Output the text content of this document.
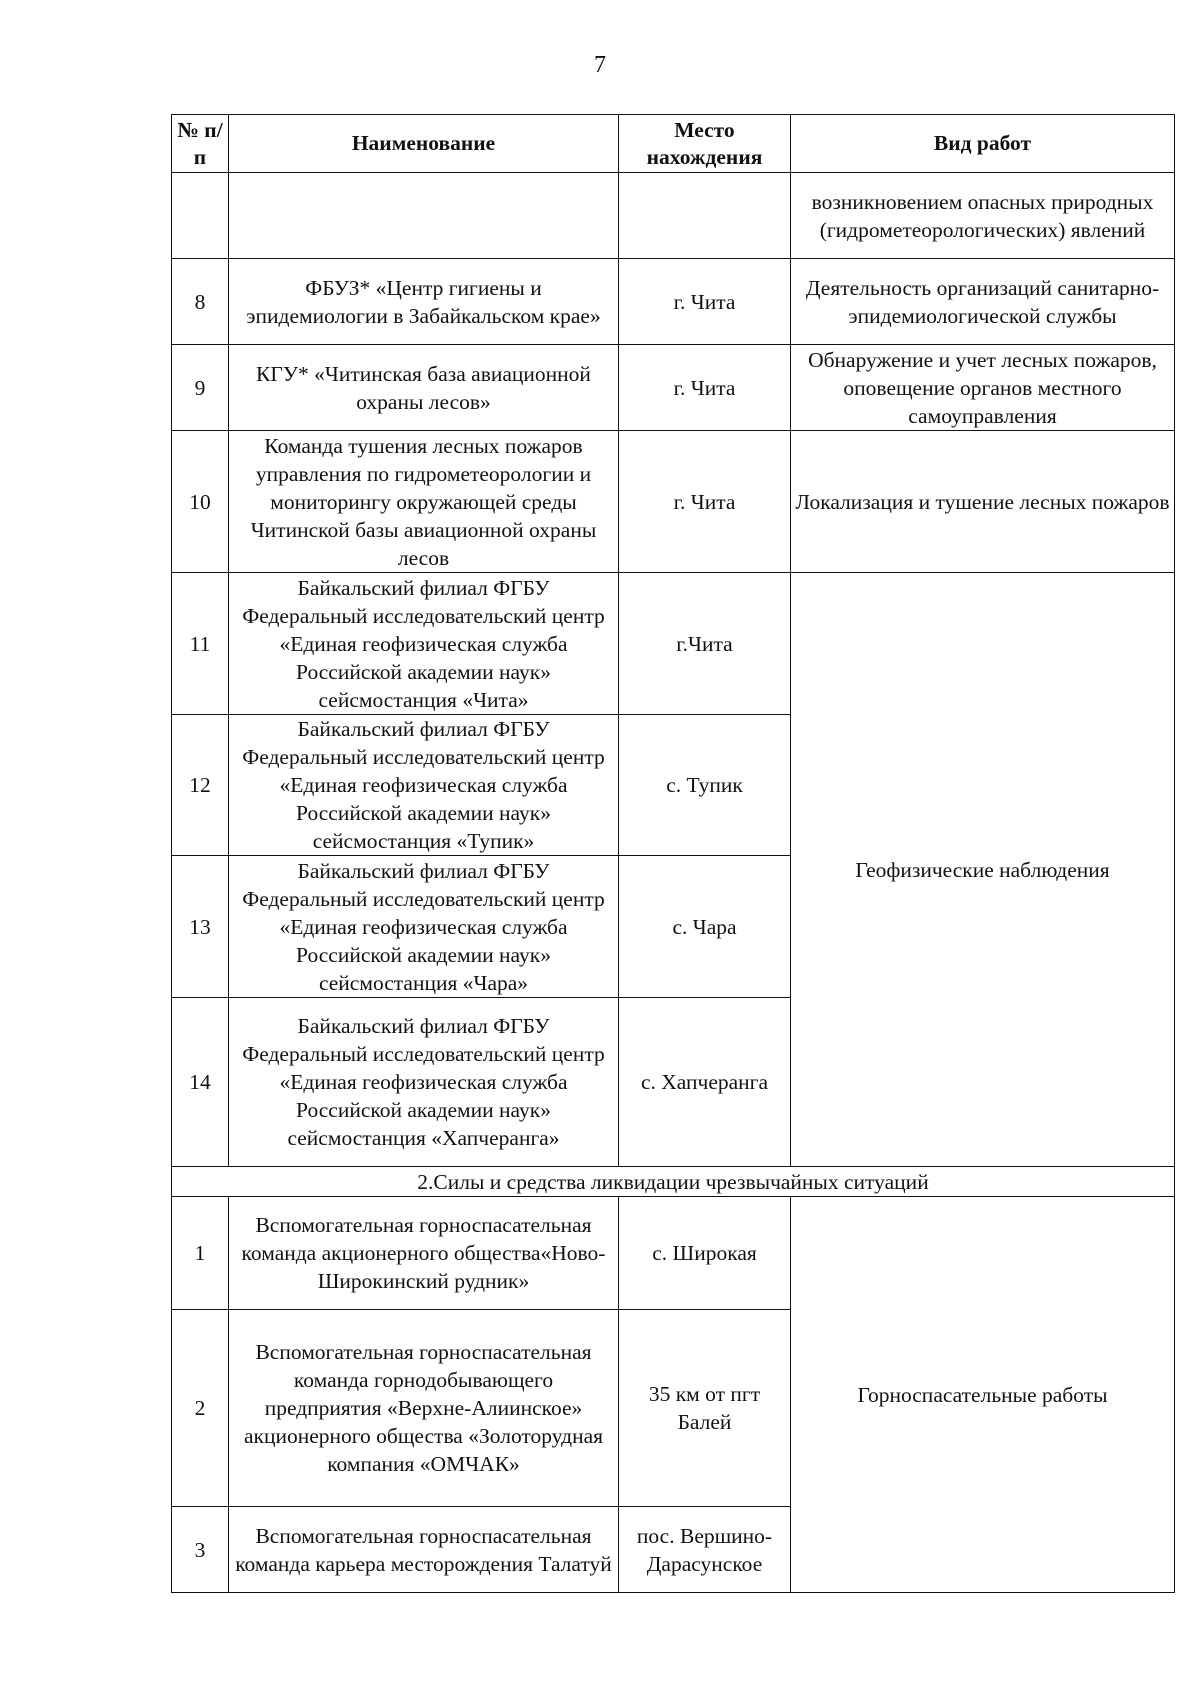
7
№ п/п	Наименование	Место нахождения	Вид работ
			возникновением опасных природных (гидрометеорологических) явлений
8	ФБУЗ* «Центр гигиены и эпидемиологии в Забайкальском крае»	г. Чита	Деятельность организаций санитарно-эпидемиологической службы
9	КГУ* «Читинская база авиационной охраны лесов»	г. Чита	Обнаружение и учет лесных пожаров, оповещение органов местного самоуправления
10	Команда тушения лесных пожаров управления по гидрометеорологии и мониторингу окружающей среды Читинской базы авиационной охраны лесов	г. Чита	Локализация и тушение лесных пожаров
11	Байкальский филиал ФГБУ Федеральный исследовательский центр «Единая геофизическая служба Российской академии наук» сейсмостанция «Чита»	г.Чита	Геофизические наблюдения
12	Байкальский филиал ФГБУ Федеральный исследовательский центр «Единая геофизическая служба Российской академии наук» сейсмостанция «Тупик»	с. Тупик	
13	Байкальский филиал ФГБУ Федеральный исследовательский центр «Единая геофизическая служба Российской академии наук» сейсмостанция «Чара»	с. Чара	
14	Байкальский филиал ФГБУ Федеральный исследовательский центр «Единая геофизическая служба Российской академии наук» сейсмостанция «Хапчеранга»	с. Хапчеранга	
2.Силы и средства ликвидации чрезвычайных ситуаций			
1	Вспомогательная горноспасательная команда акционерного общества«Ново-Широкинский рудник»	с. Широкая	Горноспасательные работы
2	Вспомогательная горноспасательная команда горнодобывающего предприятия «Верхне-Алиинское» акционерного общества «Золоторудная компания «ОМЧАК»	35 км от пгт Балей	
3	Вспомогательная горноспасательная команда карьера месторождения Талатуй	пос. Вершино-Дарасунское	
